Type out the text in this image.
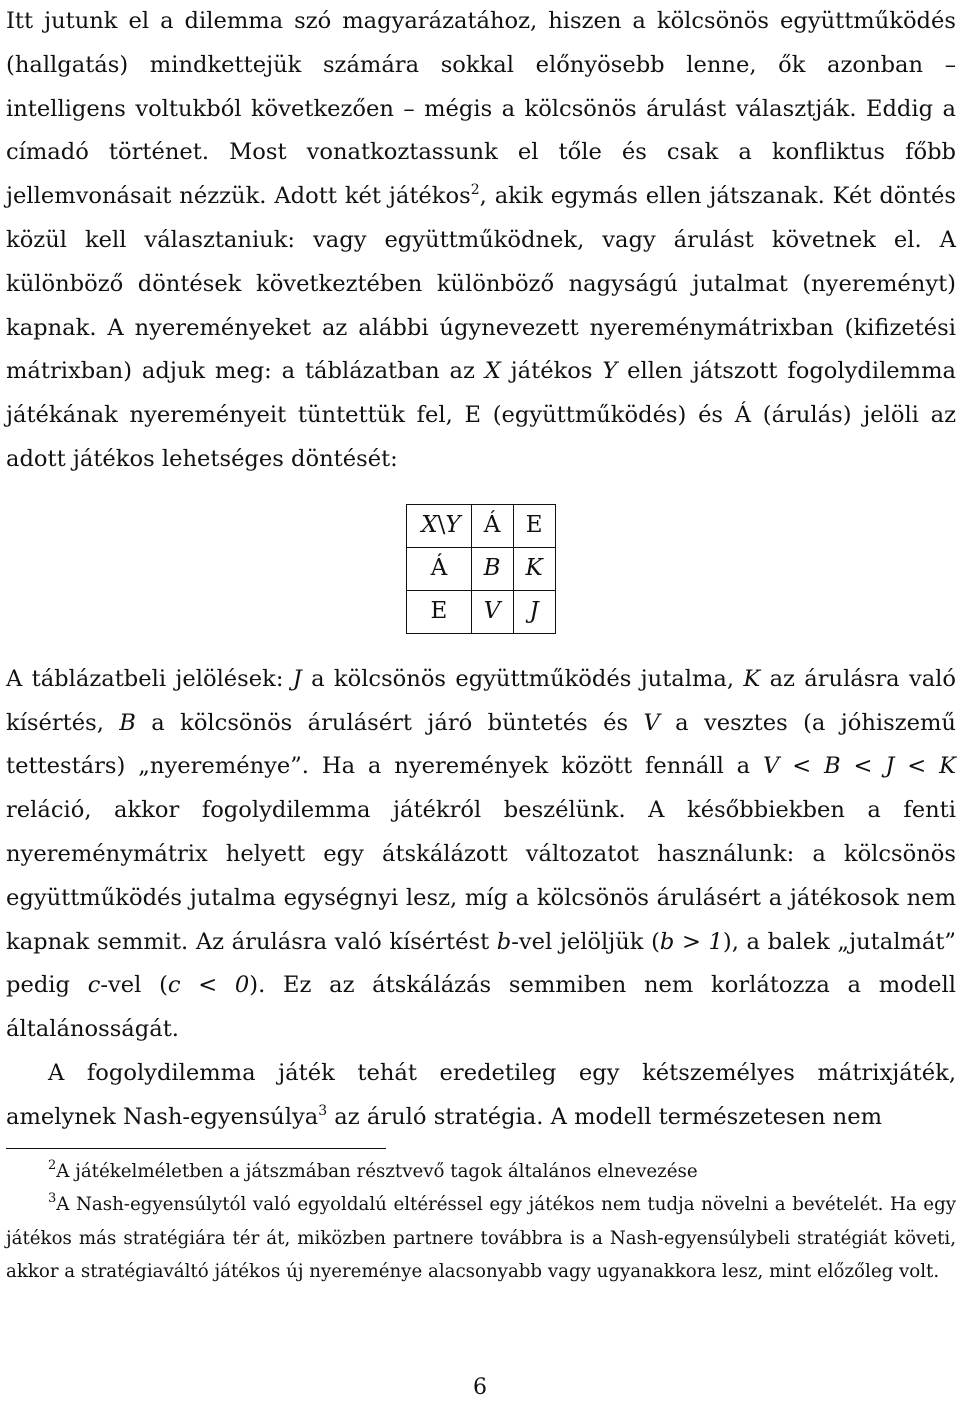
Itt jutunk el a dilemma szó magyarázatához, hiszen a kölcsönös együttműködés (hallgatás) mindkettejük számára sokkal előnyösebb lenne, ők azonban – intelligens voltukból következően – mégis a kölcsönös árulást választják. Eddig a címadó történet. Most vonatkoztassunk el tőle és csak a konfliktus főbb jellemvonásait nézzük. Adott két játékos$^2$, akik egymás ellen játszanak. Két döntés közül kell választaniuk: vagy együttműködnek, vagy árulást követnek el. A különböző döntések következtében különböző nagyságú jutalmat (nyereményt) kapnak. A nyereményeket az alábbi úgynevezett nyereménymátrixban (kifizetési mátrixban) adjuk meg: a táblázatban az X játékos Y ellen játszott fogolydilemma játékának nyereményeit tüntettük fel, E (együttműködés) és Á (árulás) jelöli az adott játékos lehetséges döntését:

X\Y	Á	E
Á	B	K
E	V	J

A táblázatbeli jelölések: J a kölcsönös együttműködés jutalma, K az árulásra való kísértés, B a kölcsönös árulásért járó büntetés és V a vesztes (a jóhiszemű tettestárs) „nyereménye”. Ha a nyeremények között fennáll a V < B < J < K reláció, akkor fogolydilemma játékról beszélünk. A későbbiekben a fenti nyereménymátrix helyett egy átskálázott változatot használunk: a kölcsönös együttműködés jutalma egységnyi lesz, míg a kölcsönös árulásért a játékosok nem kapnak semmit. Az árulásra való kísértést b-vel jelöljük (b > 1), a balek „jutalmát” pedig c-vel (c < 0). Ez az átskálázás semmiben nem korlátozza a modell általánosságát.

A fogolydilemma játék tehát eredetileg egy kétszemélyes mátrixjáték, amelynek Nash-egyensúlya$^3$ az áruló stratégia. A modell természetesen nem

$^2$A játékelméletben a játszmában résztvevő tagok általános elnevezése

$^3$A Nash-egyensúlytól való egyoldalú eltéréssel egy játékos nem tudja növelni a bevételét. Ha egy játékos más stratégiára tér át, miközben partnere továbbra is a Nash-egyensúlybeli stratégiát követi, akkor a stratégiaváltó játékos új nyereménye alacsonyabb vagy ugyanakkora lesz, mint előzőleg volt.

6
